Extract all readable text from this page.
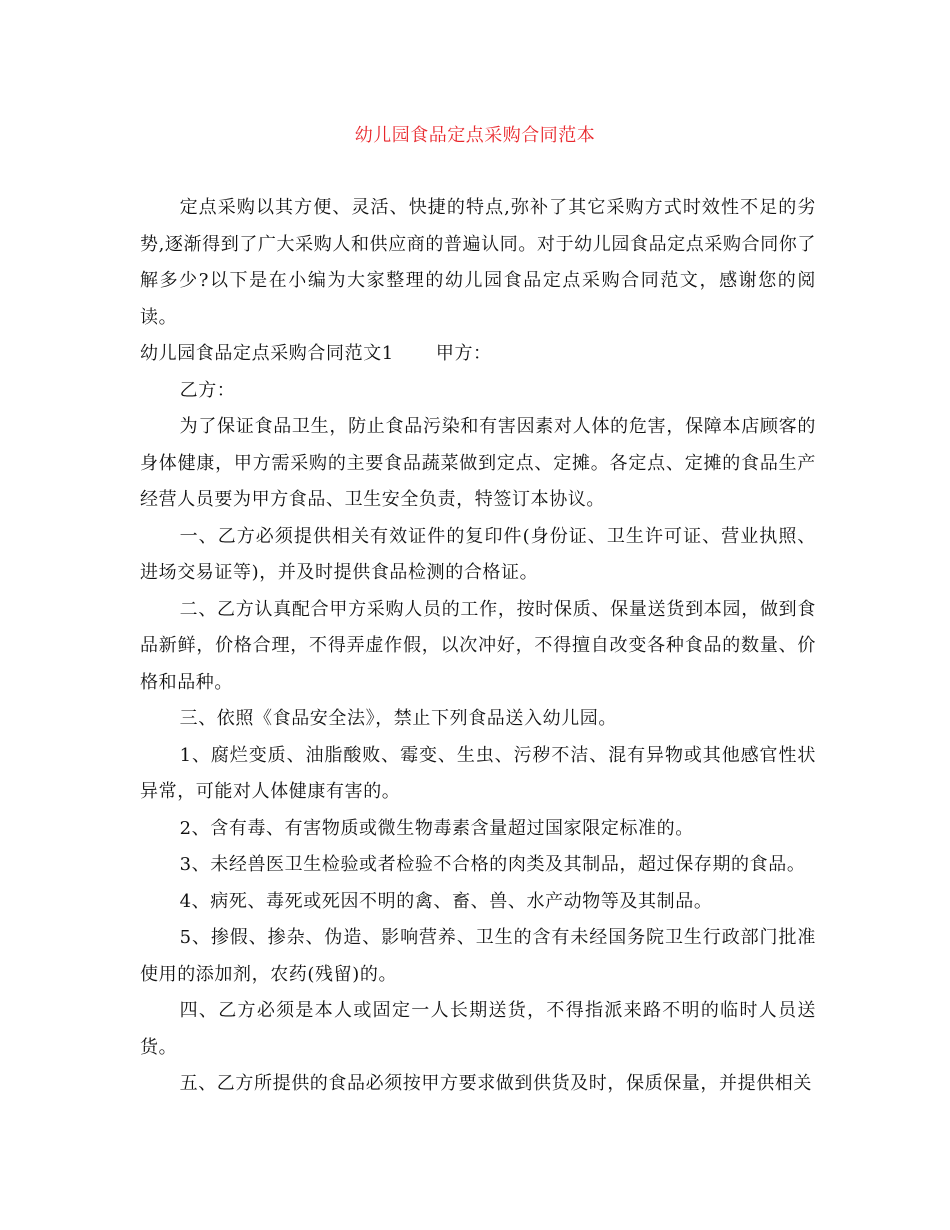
幼儿园食品定点采购合同范本

定点采购以其方便、灵活、快捷的特点,弥补了其它采购方式时效性不足的劣势,逐渐得到了广大采购人和供应商的普遍认同。对于幼儿园食品定点采购合同你了解多少?以下是在小编为大家整理的幼儿园食品定点采购合同范文，感谢您的阅读。

幼儿园食品定点采购合同范文1 甲方：

乙方：

为了保证食品卫生，防止食品污染和有害因素对人体的危害，保障本店顾客的身体健康，甲方需采购的主要食品蔬菜做到定点、定摊。各定点、定摊的食品生产经营人员要为甲方食品、卫生安全负责，特签订本协议。

一、乙方必须提供相关有效证件的复印件(身份证、卫生许可证、营业执照、进场交易证等)，并及时提供食品检测的合格证。

二、乙方认真配合甲方采购人员的工作，按时保质、保量送货到本园，做到食品新鲜，价格合理，不得弄虚作假，以次冲好，不得擅自改变各种食品的数量、价格和品种。

三、依照《食品安全法》，禁止下列食品送入幼儿园。

1、腐烂变质、油脂酸败、霉变、生虫、污秽不洁、混有异物或其他感官性状异常，可能对人体健康有害的。

2、含有毒、有害物质或微生物毒素含量超过国家限定标准的。

3、未经兽医卫生检验或者检验不合格的肉类及其制品，超过保存期的食品。

4、病死、毒死或死因不明的禽、畜、兽、水产动物等及其制品。

5、掺假、掺杂、伪造、影响营养、卫生的含有未经国务院卫生行政部门批准使用的添加剂，农药(残留)的。

四、乙方必须是本人或固定一人长期送货，不得指派来路不明的临时人员送货。

五、乙方所提供的食品必须按甲方要求做到供货及时，保质保量，并提供相关
